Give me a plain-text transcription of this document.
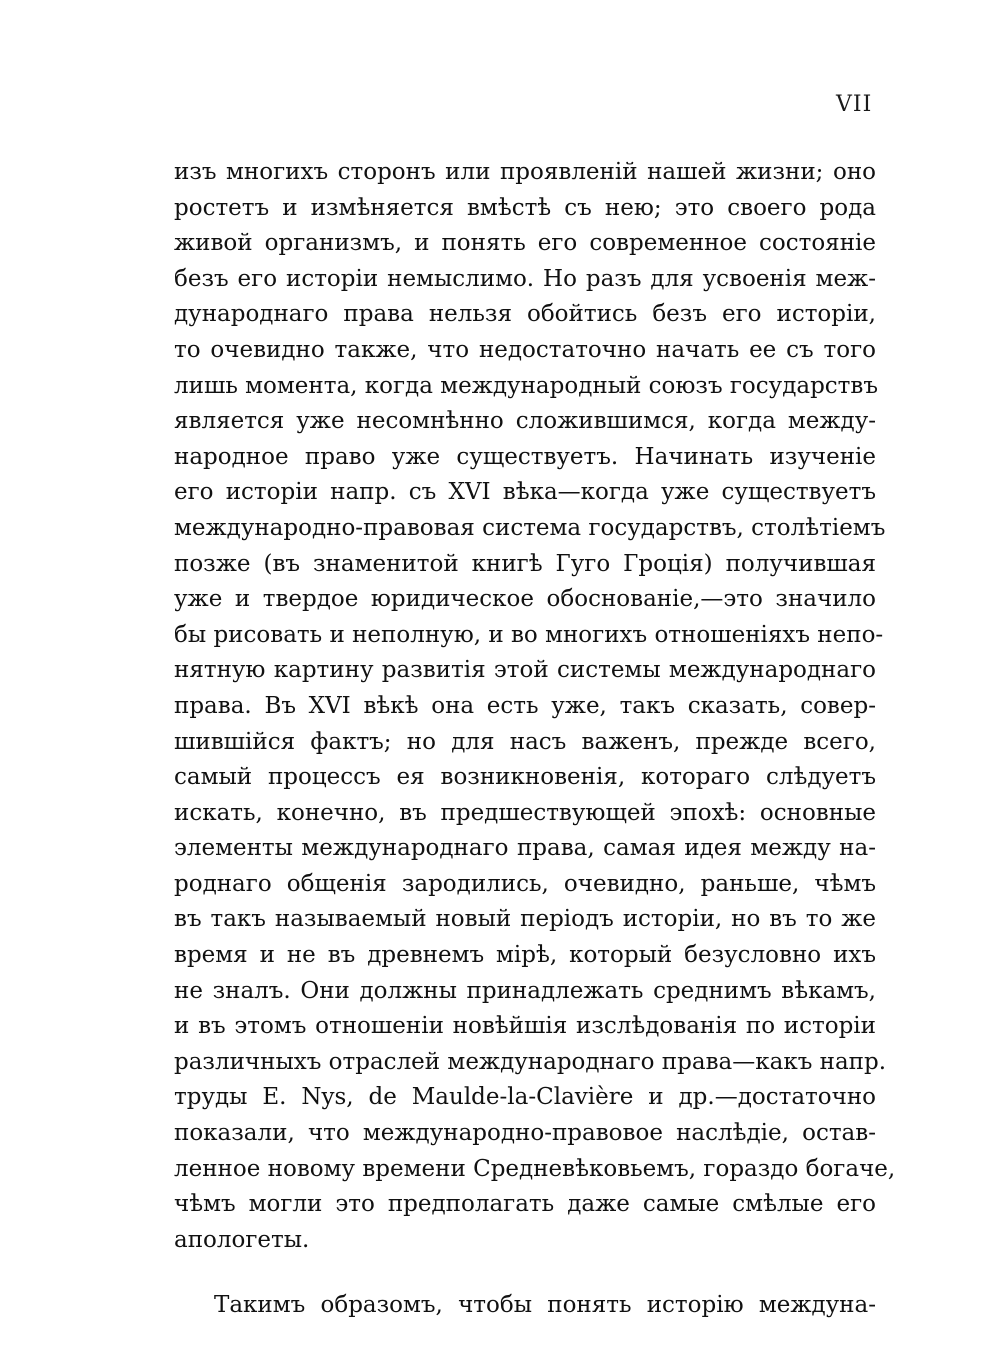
VII
изъ многихъ сторонъ или проявленій нашей жизни; оно
ростетъ и измѣняется вмѣстѣ съ нею; это своего рода
живой организмъ, и понять его современное состояніе
безъ его исторіи немыслимо. Но разъ для усвоенія меж-
дународнаго права нельзя обойтись безъ его исторіи,
то очевидно также, что недостаточно начать ее съ того
лишь момента, когда международный союзъ государствъ
является уже несомнѣнно сложившимся, когда между-
народное право уже существуетъ. Начинать изученіе
его исторіи напр. съ XVI вѣка—когда уже существуетъ
международно-правовая система государствъ, столѣтіемъ
позже (въ знаменитой книгѣ Гуго Гроція) получившая
уже и твердое юридическое обоснованіе,—это значило
бы рисовать и неполную, и во многихъ отношеніяхъ непо-
нятную картину развитія этой системы международнаго
права. Въ XVI вѣкѣ она есть уже, такъ сказать, совер-
шившійся фактъ; но для насъ важенъ, прежде всего,
самый процессъ ея возникновенія, котораго слѣдуетъ
искать, конечно, въ предшествующей эпохѣ: основные
элементы международнаго права, самая идея между на-
роднаго общенія зародились, очевидно, раньше, чѣмъ
въ такъ называемый новый періодъ исторіи, но въ то же
время и не въ древнемъ мірѣ, который безусловно ихъ
не зналъ. Они должны принадлежать среднимъ вѣкамъ,
и въ этомъ отношеніи новѣйшія изслѣдованія по исторіи
различныхъ отраслей международнаго права—какъ напр.
труды E. Nys, de Maulde-la-Clavière и др.—достаточно
показали, что международно-правовое наслѣдіе, остав-
ленное новому времени Средневѣковьемъ, гораздо богаче,
чѣмъ могли это предполагать даже самые смѣлые его
апологеты.
Такимъ образомъ, чтобы понять исторію междуна-
